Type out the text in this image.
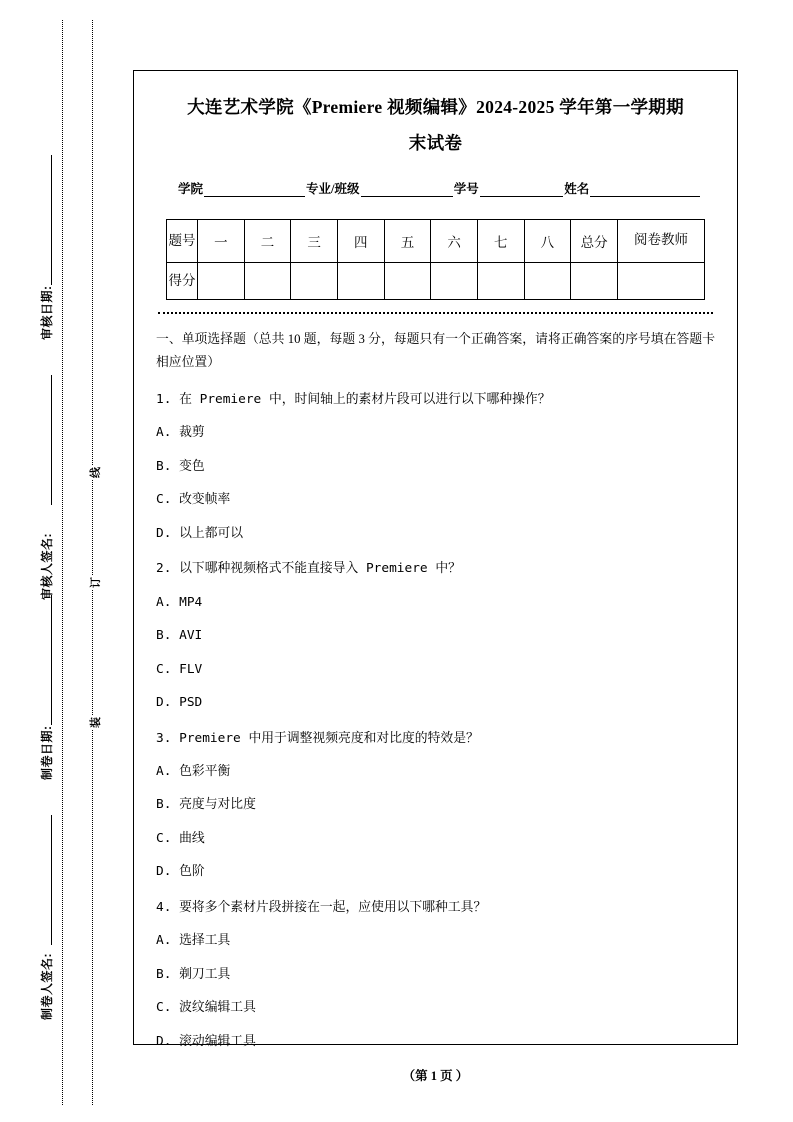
审核日期:
审核人签名:
制卷日期:
制卷人签名:
线
订
装
大连艺术学院《Premiere 视频编辑》2024‑2025 学年第一学期期
末试卷
学院	专业/班级	学号	姓名
题号	一	二	三	四	五	六	七	八	总分	阅卷教师
得分										
一、单项选择题（总共 10 题，每题 3 分，每题只有一个正确答案，请将正确答案的序号填在答题卡相应位置）
1. 在 Premiere 中，时间轴上的素材片段可以进行以下哪种操作？
A. 裁剪
B. 变色
C. 改变帧率
D. 以上都可以
2. 以下哪种视频格式不能直接导入 Premiere 中？
A. MP4
B. AVI
C. FLV
D. PSD
3. Premiere 中用于调整视频亮度和对比度的特效是？
A. 色彩平衡
B. 亮度与对比度
C. 曲线
D. 色阶
4. 要将多个素材片段拼接在一起，应使用以下哪种工具？
A. 选择工具
B. 剃刀工具
C. 波纹编辑工具
D. 滚动编辑工具
（第 1 页 ）
